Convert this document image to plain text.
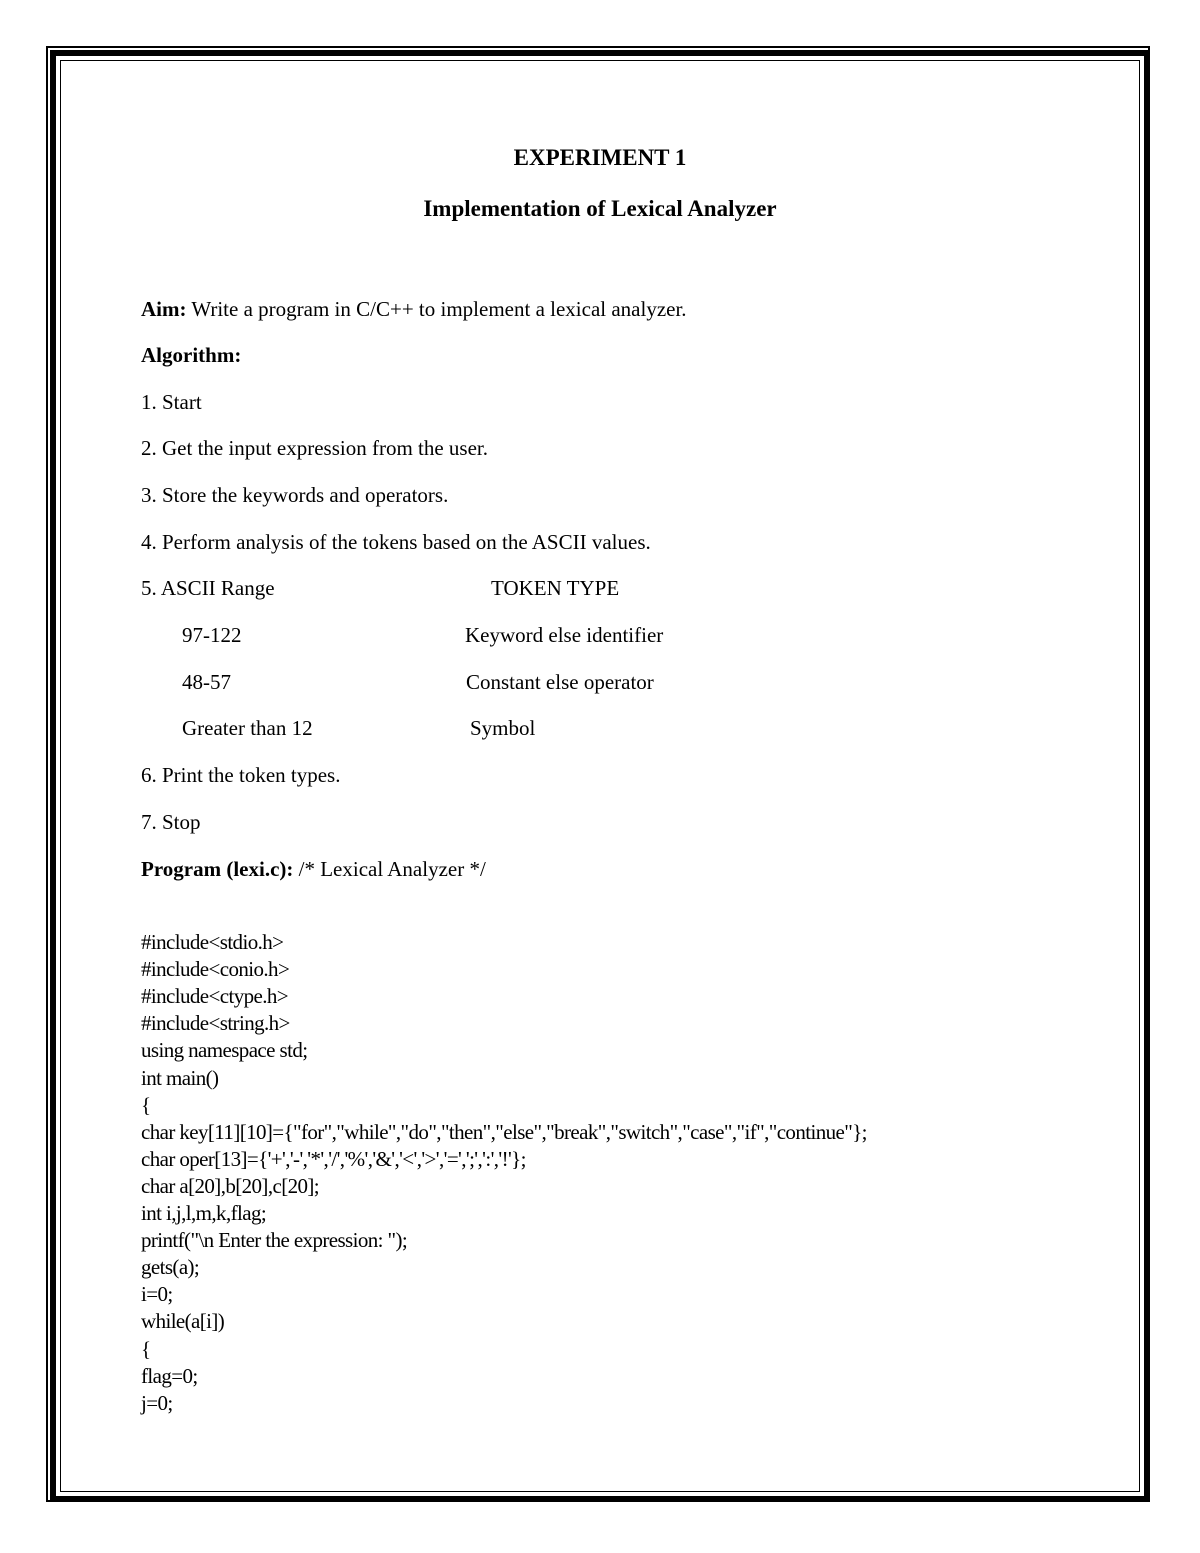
EXPERIMENT 1
Implementation of Lexical Analyzer
Aim: Write a program in C/C++ to implement a lexical analyzer.
Algorithm:
1. Start
2. Get the input expression from the user.
3. Store the keywords and operators.
4. Perform analysis of the tokens based on the ASCII values.
5. ASCII Range	TOKEN TYPE
97-122	Keyword else identifier
48-57	Constant else operator
Greater than 12	Symbol
6. Print the token types.
7. Stop
Program (lexi.c): /* Lexical Analyzer */

#include<stdio.h>
#include<conio.h>
#include<ctype.h>
#include<string.h>
using namespace std;
int main()
{
char key[11][10]={"for","while","do","then","else","break","switch","case","if","continue"};
char oper[13]={'+','-','*','/','%','&','<','>','=',';',':','!'};
char a[20],b[20],c[20];
int i,j,l,m,k,flag;
printf("\n Enter the expression: ");
gets(a);
i=0;
while(a[i])
{
flag=0;
j=0;
